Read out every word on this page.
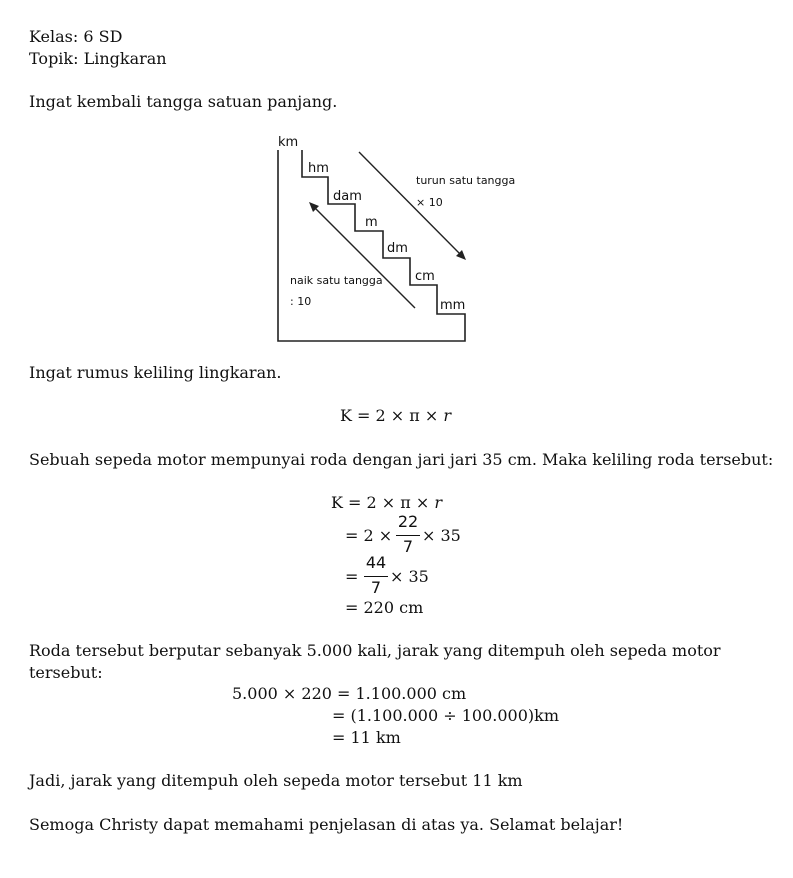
Kelas: 6 SD
Topik: Lingkaran
Ingat kembali tangga satuan panjang.
km
hm
dam
m
dm
cm
mm
turun satu tangga
× 10
naik satu tangga
: 10
Ingat rumus keliling lingkaran.
K = 2 × π × r
Sebuah sepeda motor mempunyai roda dengan jari jari 35 cm. Maka keliling roda tersebut:
K = 2 × π × r
= 2 ×
22
7
× 35
=
44
7
× 35
= 220 cm
Roda tersebut berputar sebanyak 5.000 kali, jarak yang ditempuh oleh sepeda motor
tersebut:
5.000 × 220 = 1.100.000 cm
= (1.100.000 ÷ 100.000)km
= 11 km
Jadi, jarak yang ditempuh oleh sepeda motor tersebut 11 km
Semoga Christy dapat memahami penjelasan di atas ya. Selamat belajar!
